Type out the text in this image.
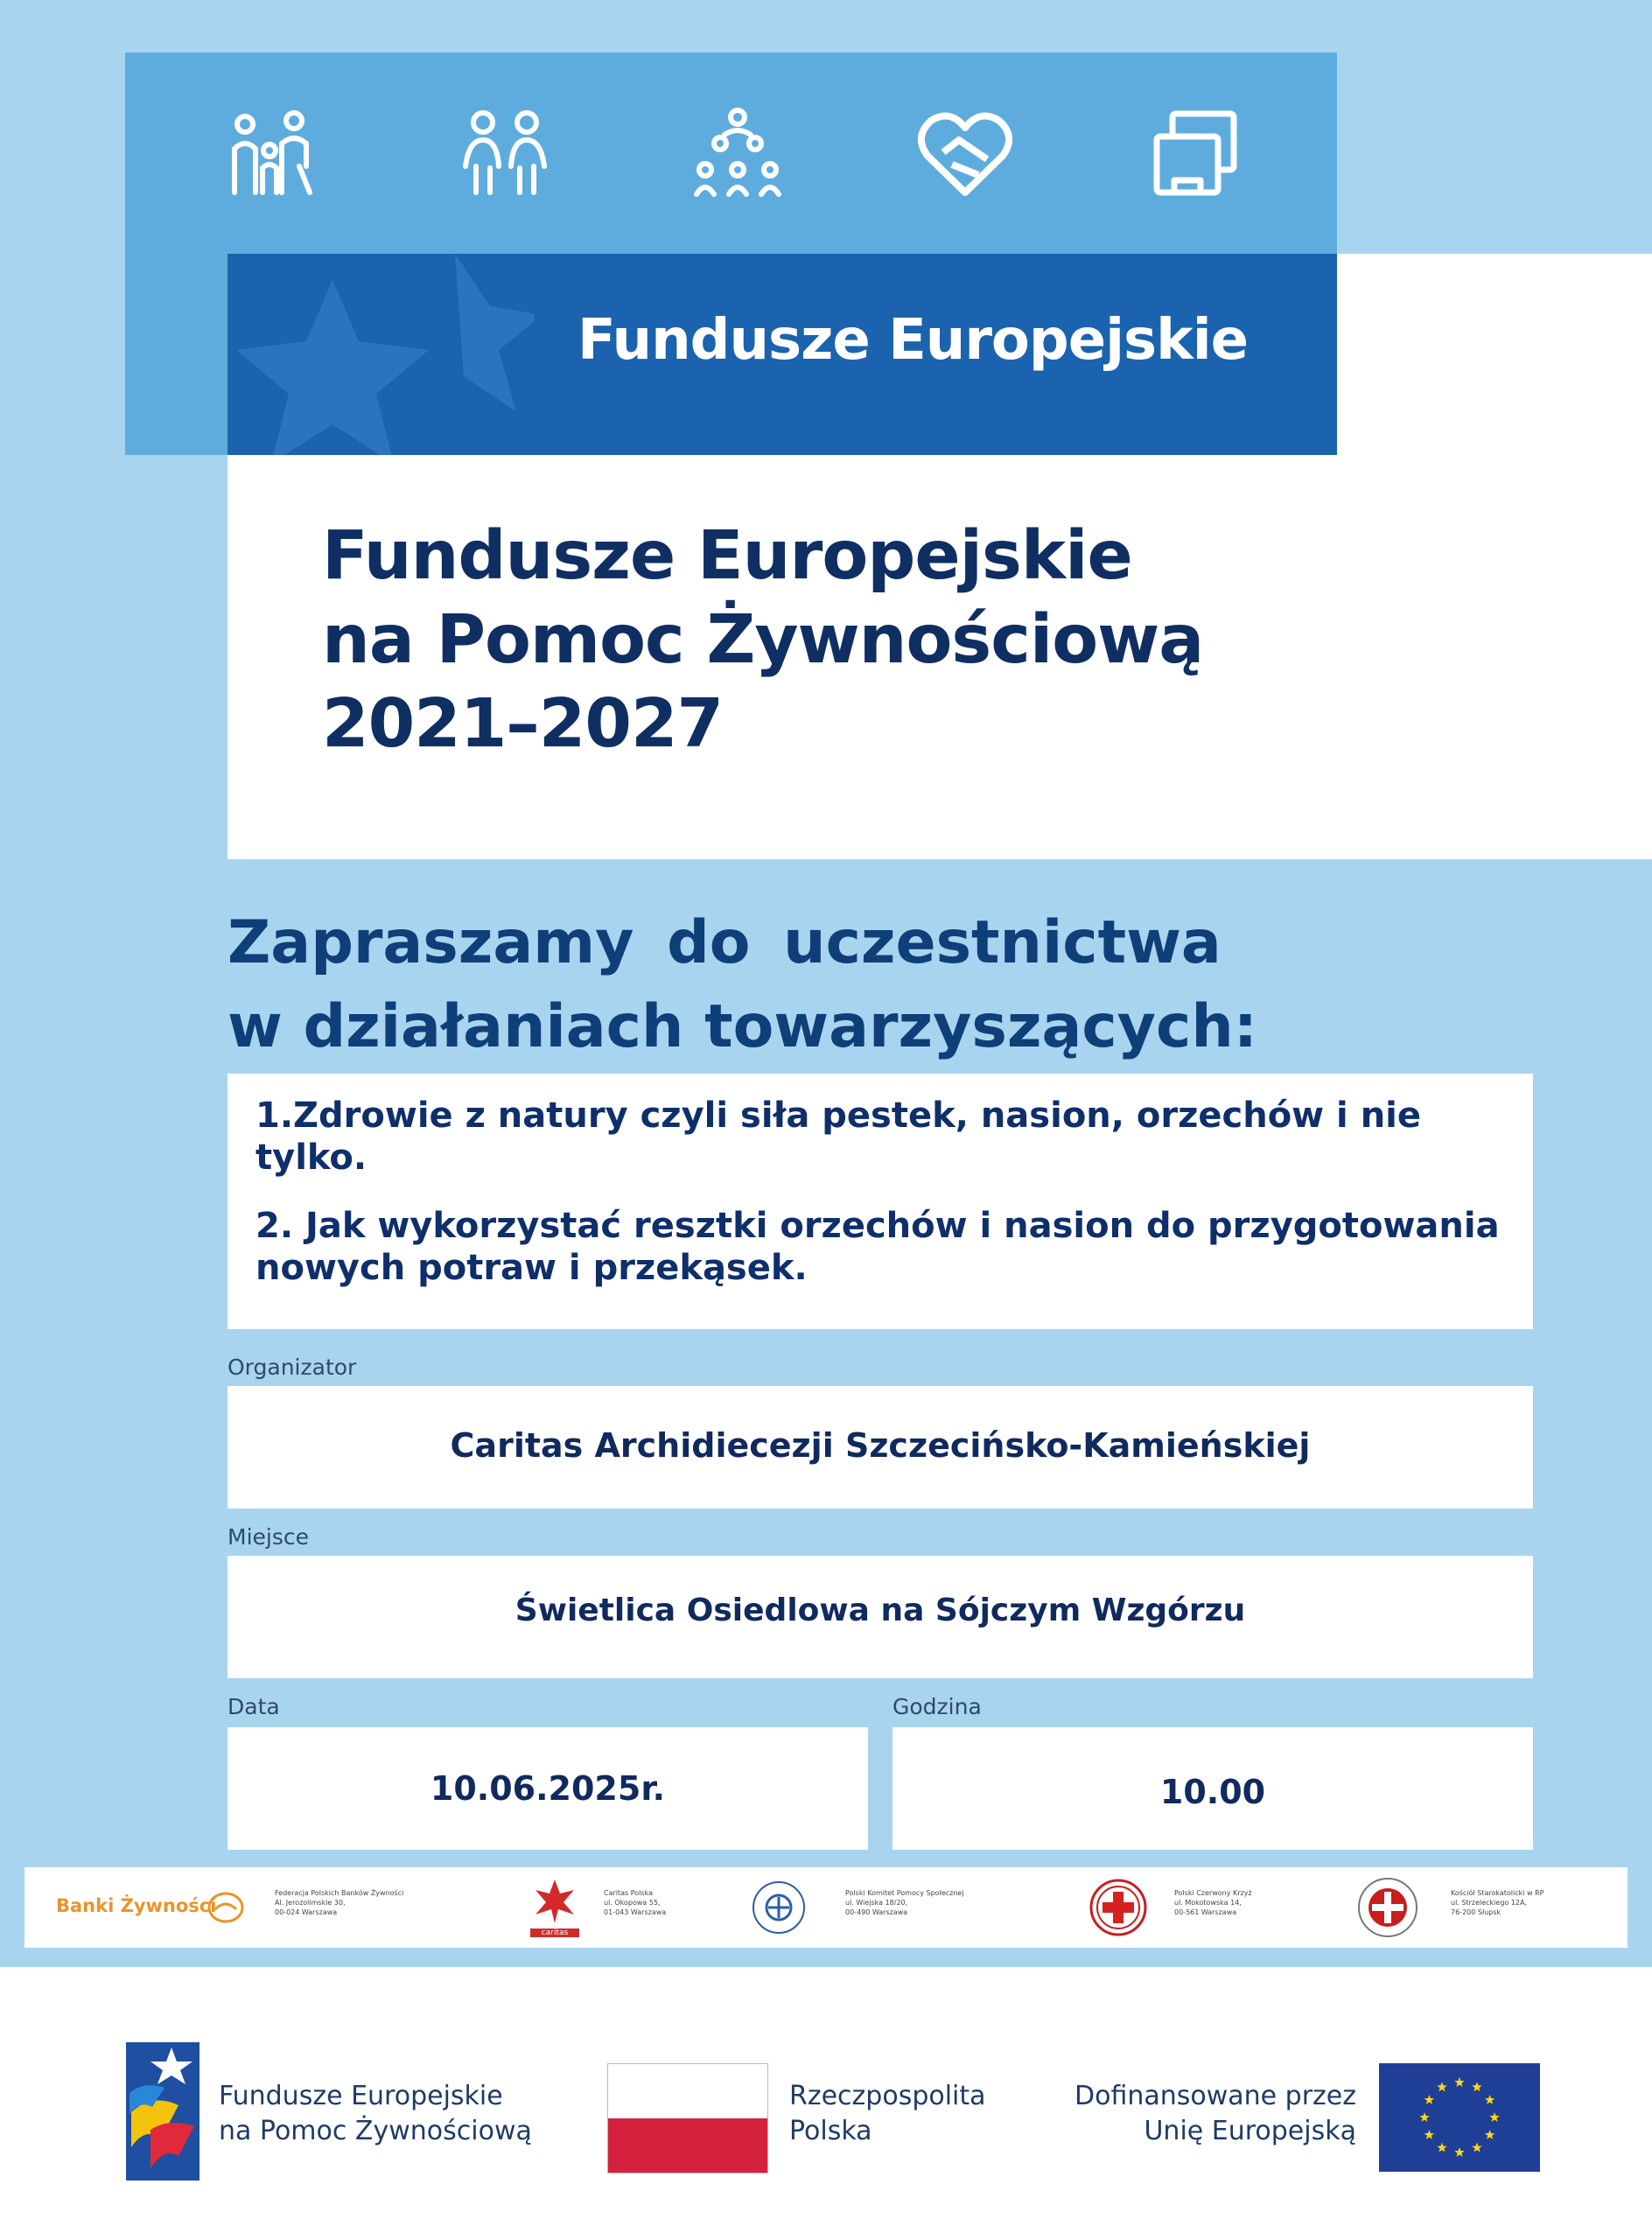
Fundusze Europejskie
Fundusze Europejskie
na Pomoc Żywnościową
2021–2027
Zapraszamy do uczestnictwa
w działaniach towarzyszących:

1.Zdrowie z natury czyli siła pestek, nasion, orzechów i nie tylko.

2. Jak wykorzystać resztki orzechów i nasion do przygotowania nowych potraw i przekąsek.

Organizator
Caritas Archidiecezji Szczecińsko-Kamieńskiej
Miejsce
Świetlica Osiedlowa na Sójczym Wzgórzu
Data
10.06.2025r.
Godzina
10.00
Banki Żywności
Federacja Polskich Banków Żywności
Al. Jerozolimskie 30,
00-024 Warszawa
caritas
Caritas Polska
ul. Okopowa 55,
01-043 Warszawa
Polski Komitet Pomocy Społecznej
ul. Wiejska 18/20,
00-490 Warszawa
Polski Czerwony Krzyż
ul. Mokotowska 14,
00-561 Warszawa
Kościół Starokatolicki w RP
ul. Strzeleckiego 12A,
76-200 Słupsk
Fundusze Europejskie
na Pomoc Żywnościową
Rzeczpospolita
Polska
Dofinansowane przez
Unię Europejską
